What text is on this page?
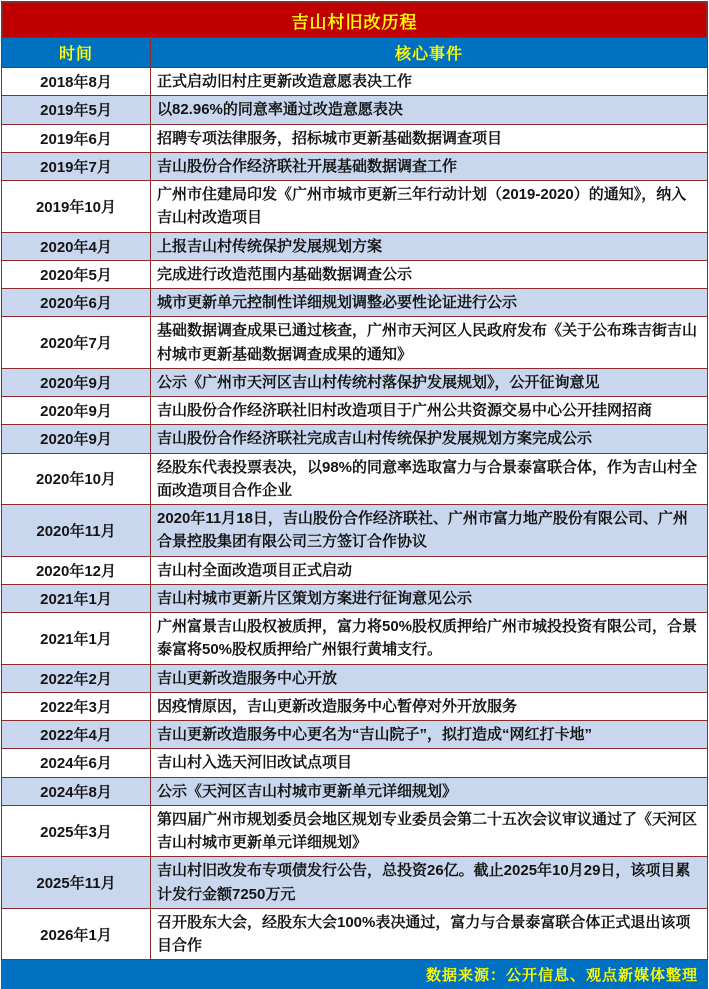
吉山村旧改历程
时间	核心事件
2018年8月	正式启动旧村庄更新改造意愿表决工作
2019年5月	以82.96%的同意率通过改造意愿表决
2019年6月	招聘专项法律服务，招标城市更新基础数据调查项目
2019年7月	吉山股份合作经济联社开展基础数据调查工作
2019年10月	广州市住建局印发《广州市城市更新三年行动计划（2019-2020）的通知》，纳入吉山村改造项目
2020年4月	上报吉山村传统保护发展规划方案
2020年5月	完成进行改造范围内基础数据调查公示
2020年6月	城市更新单元控制性详细规划调整必要性论证进行公示
2020年7月	基础数据调查成果已通过核查，广州市天河区人民政府发布《关于公布珠吉街吉山村城市更新基础数据调查成果的通知》
2020年9月	公示《广州市天河区吉山村传统村落保护发展规划》，公开征询意见
2020年9月	吉山股份合作经济联社旧村改造项目于广州公共资源交易中心公开挂网招商
2020年9月	吉山股份合作经济联社完成吉山村传统保护发展规划方案完成公示
2020年10月	经股东代表投票表决，以98%的同意率选取富力与合景泰富联合体，作为吉山村全面改造项目合作企业
2020年11月	2020年11月18日，吉山股份合作经济联社、广州市富力地产股份有限公司、广州合景控股集团有限公司三方签订合作协议
2020年12月	吉山村全面改造项目正式启动
2021年1月	吉山村城市更新片区策划方案进行征询意见公示
2021年1月	广州富景吉山股权被质押，富力将50%股权质押给广州市城投投资有限公司，合景泰富将50%股权质押给广州银行黄埔支行。
2022年2月	吉山更新改造服务中心开放
2022年3月	因疫情原因，吉山更新改造服务中心暂停对外开放服务
2022年4月	吉山更新改造服务中心更名为“吉山院子”，拟打造成“网红打卡地”
2024年6月	吉山村入选天河旧改试点项目
2024年8月	公示《天河区吉山村城市更新单元详细规划》
2025年3月	第四届广州市规划委员会地区规划专业委员会第二十五次会议审议通过了《天河区吉山村城市更新单元详细规划》
2025年11月	吉山村旧改发布专项债发行公告，总投资26亿。截止2025年10月29日，该项目累计发行金额7250万元
2026年1月	召开股东大会，经股东大会100%表决通过，富力与合景泰富联合体正式退出该项目合作
数据来源：公开信息、观点新媒体整理
